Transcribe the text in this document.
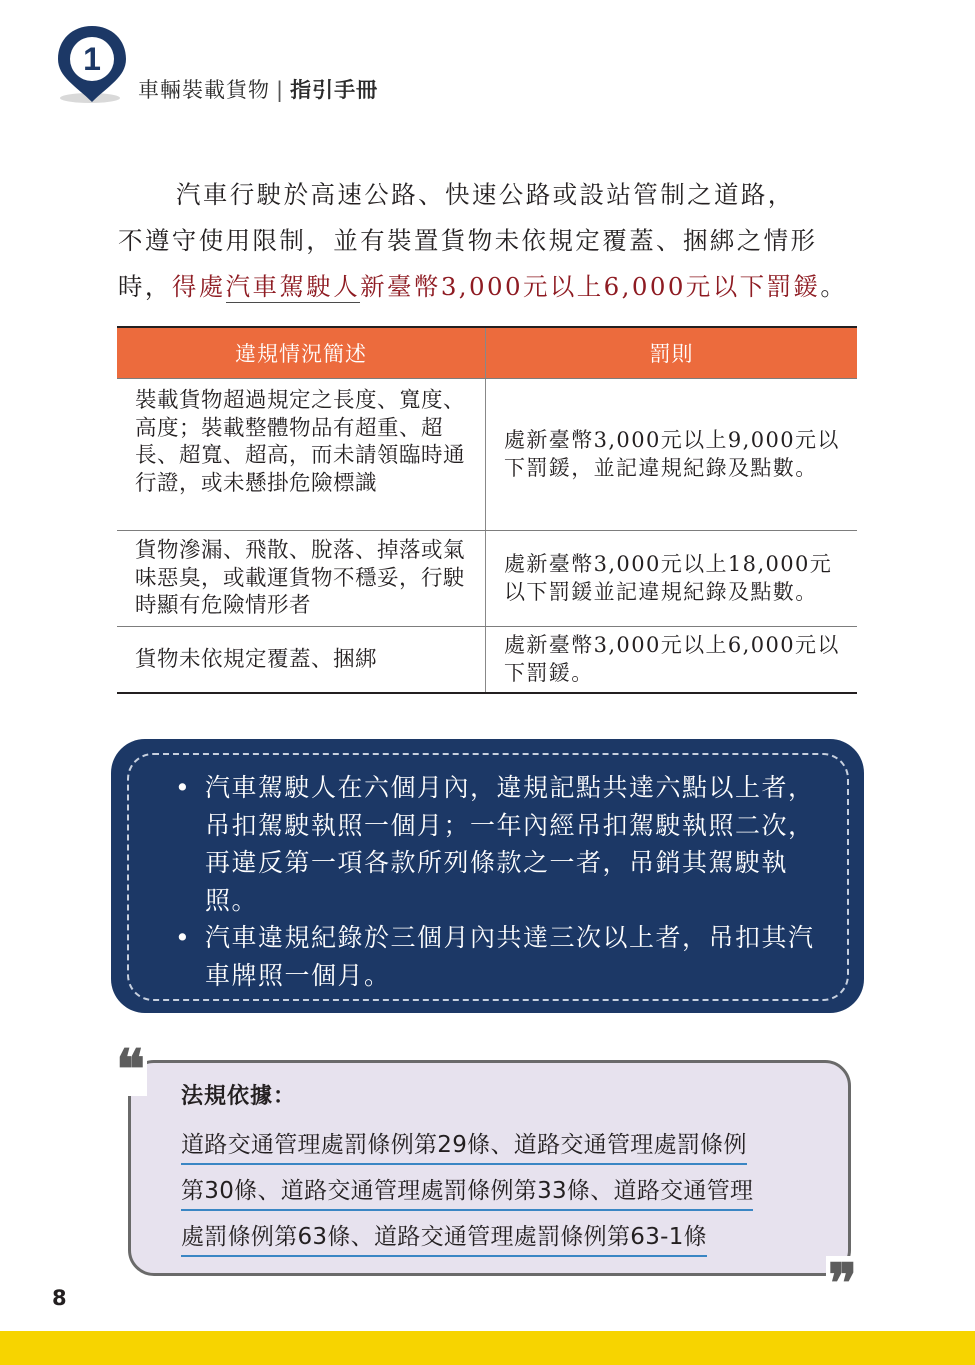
1
車輛裝載貨物 | 指引手冊
汽車行駛於高速公路、快速公路或設站管制之道路，
不遵守使用限制，並有裝置貨物未依規定覆蓋、捆綁之情形
時，得處汽車駕駛人新臺幣3,000元以上6,000元以下罰鍰。
違規情況簡述	罰則
裝載貨物超過規定之長度、寬度、高度；裝載整體物品有超重、超長、超寬、超高，而未請領臨時通行證，或未懸掛危險標識
處新臺幣3,000元以上9,000元以下罰鍰，並記違規紀錄及點數。
貨物滲漏、飛散、脫落、掉落或氣味惡臭，或載運貨物不穩妥，行駛時顯有危險情形者
處新臺幣3,000元以上18,000元以下罰鍰並記違規紀錄及點數。
貨物未依規定覆蓋、捆綁
處新臺幣3,000元以上6,000元以下罰鍰。
• 汽車駕駛人在六個月內，違規記點共達六點以上者，吊扣駕駛執照一個月；一年內經吊扣駕駛執照二次，再違反第一項各款所列條款之一者，吊銷其駕駛執照。
• 汽車違規紀錄於三個月內共達三次以上者，吊扣其汽車牌照一個月。
法規依據：
道路交通管理處罰條例第29條、道路交通管理處罰條例
第30條、道路交通管理處罰條例第33條、道路交通管理
處罰條例第63條、道路交通管理處罰條例第63-1條
❝
❞
8
